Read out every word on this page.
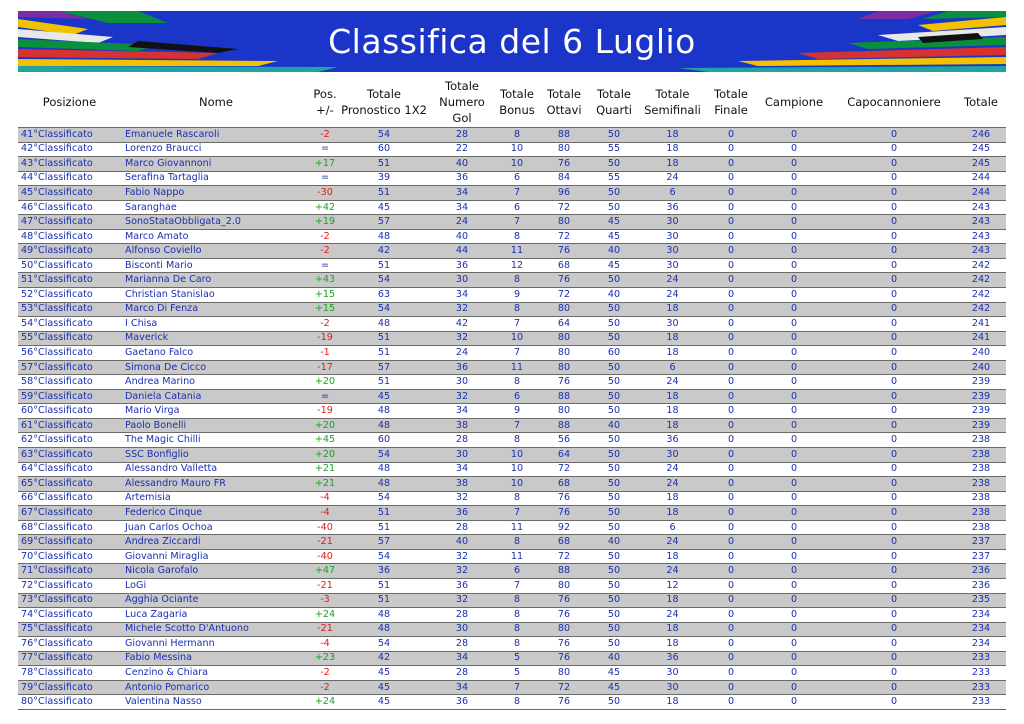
Classifica del 6 Luglio
Posizione	Nome	Pos. +/-	Totale Pronostico 1X2	Totale Numero Gol	Totale Bonus	Totale Ottavi	Totale Quarti	Totale Semifinali	Totale Finale	Campione	Capocannoniere	Totale
41°Classificato	Emanuele Rascaroli	-2	54	28	8	88	50	18	0	0	0	246
42°Classificato	Lorenzo Braucci	=	60	22	10	80	55	18	0	0	0	245
43°Classificato	Marco Giovannoni	+17	51	40	10	76	50	18	0	0	0	245
44°Classificato	Serafina Tartaglia	=	39	36	6	84	55	24	0	0	0	244
45°Classificato	Fabio Nappo	-30	51	34	7	96	50	6	0	0	0	244
46°Classificato	Saranghae	+42	45	34	6	72	50	36	0	0	0	243
47°Classificato	SonoStataObbligata_2.0	+19	57	24	7	80	45	30	0	0	0	243
48°Classificato	Marco Amato	-2	48	40	8	72	45	30	0	0	0	243
49°Classificato	Alfonso Coviello	-2	42	44	11	76	40	30	0	0	0	243
50°Classificato	Bisconti Mario	=	51	36	12	68	45	30	0	0	0	242
51°Classificato	Marianna De Caro	+43	54	30	8	76	50	24	0	0	0	242
52°Classificato	Christian Stanislao	+15	63	34	9	72	40	24	0	0	0	242
53°Classificato	Marco Di Fenza	+15	54	32	8	80	50	18	0	0	0	242
54°Classificato	I Chisa	-2	48	42	7	64	50	30	0	0	0	241
55°Classificato	Maverick	-19	51	32	10	80	50	18	0	0	0	241
56°Classificato	Gaetano Falco	-1	51	24	7	80	60	18	0	0	0	240
57°Classificato	Simona De Cicco	-17	57	36	11	80	50	6	0	0	0	240
58°Classificato	Andrea Marino	+20	51	30	8	76	50	24	0	0	0	239
59°Classificato	Daniela Catania	=	45	32	6	88	50	18	0	0	0	239
60°Classificato	Mario Virga	-19	48	34	9	80	50	18	0	0	0	239
61°Classificato	Paolo Bonelli	+20	48	38	7	88	40	18	0	0	0	239
62°Classificato	The Magic Chilli	+45	60	28	8	56	50	36	0	0	0	238
63°Classificato	SSC Bonfiglio	+20	54	30	10	64	50	30	0	0	0	238
64°Classificato	Alessandro Valletta	+21	48	34	10	72	50	24	0	0	0	238
65°Classificato	Alessandro Mauro FR	+21	48	38	10	68	50	24	0	0	0	238
66°Classificato	Artemisia	-4	54	32	8	76	50	18	0	0	0	238
67°Classificato	Federico Cinque	-4	51	36	7	76	50	18	0	0	0	238
68°Classificato	Juan Carlos Ochoa	-40	51	28	11	92	50	6	0	0	0	238
69°Classificato	Andrea Ziccardi	-21	57	40	8	68	40	24	0	0	0	237
70°Classificato	Giovanni Miraglia	-40	54	32	11	72	50	18	0	0	0	237
71°Classificato	Nicola Garofalo	+47	36	32	6	88	50	24	0	0	0	236
72°Classificato	LoGi	-21	51	36	7	80	50	12	0	0	0	236
73°Classificato	Agghia Ociante	-3	51	32	8	76	50	18	0	0	0	235
74°Classificato	Luca Zagaria	+24	48	28	8	76	50	24	0	0	0	234
75°Classificato	Michele Scotto D'Antuono	-21	48	30	8	80	50	18	0	0	0	234
76°Classificato	Giovanni Hermann	-4	54	28	8	76	50	18	0	0	0	234
77°Classificato	Fabio Messina	+23	42	34	5	76	40	36	0	0	0	233
78°Classificato	Cenzino & Chiara	-2	45	28	5	80	45	30	0	0	0	233
79°Classificato	Antonio Pomarico	-2	45	34	7	72	45	30	0	0	0	233
80°Classificato	Valentina Nasso	+24	45	36	8	76	50	18	0	0	0	233
